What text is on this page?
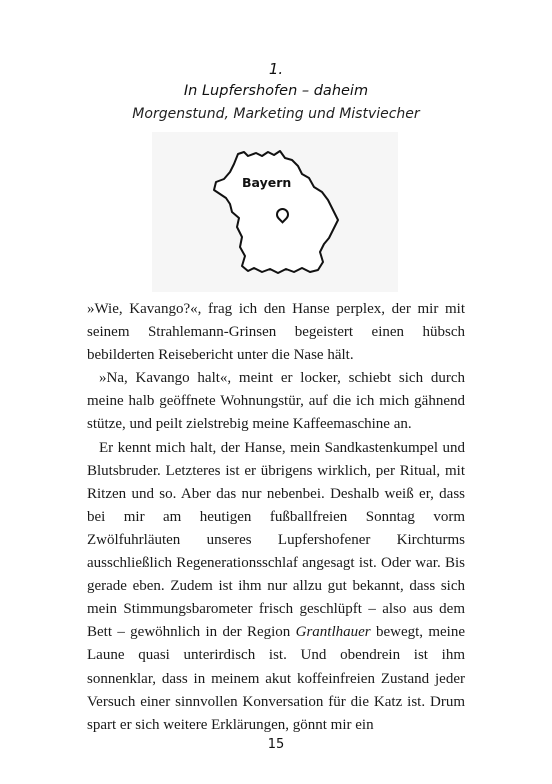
1.
In Lupfershofen – daheim
Morgenstund, Marketing und Mistviecher
Bayern

»Wie, Kavango?«, frag ich den Hanse perplex, der mir mit seinem Strahlemann-Grinsen begeistert einen hübsch bebilderten Reisebericht unter die Nase hält.

»Na, Kavango halt«, meint er locker, schiebt sich durch meine halb geöffnete Wohnungstür, auf die ich mich gähnend stütze, und peilt zielstrebig meine Kaffeemaschine an.

Er kennt mich halt, der Hanse, mein Sandkastenkumpel und Blutsbruder. Letzteres ist er übrigens wirklich, per Ritual, mit Ritzen und so. Aber das nur nebenbei. Deshalb weiß er, dass bei mir am heutigen fußballfreien Sonntag vorm Zwölfuhrläuten unseres Lupfershofener Kirchturms ausschließlich Regenerationsschlaf angesagt ist. Oder war. Bis gerade eben. Zudem ist ihm nur allzu gut bekannt, dass sich mein Stimmungsbarometer frisch geschlüpft – also aus dem Bett – gewöhnlich in der Region Grantlhauer bewegt, meine Laune quasi unterirdisch ist. Und obendrein ist ihm sonnenklar, dass in meinem akut koffeinfreien Zustand jeder Versuch einer sinnvollen Konversation für die Katz ist. Drum spart er sich weitere Erklärungen, gönnt mir ein

15
